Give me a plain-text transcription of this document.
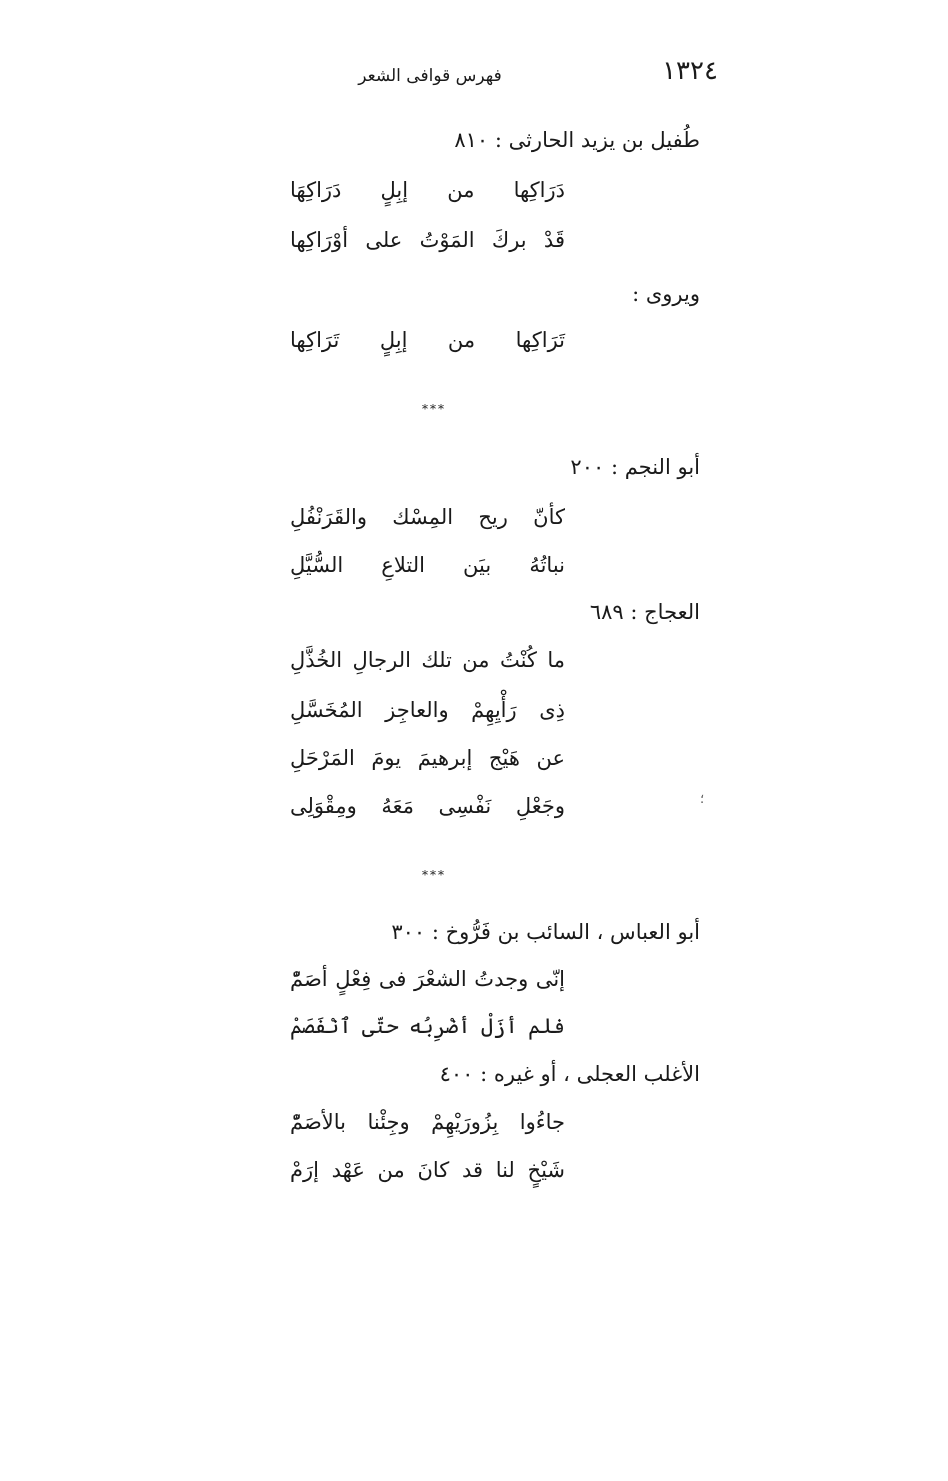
فهرس قوافى الشعر	١٣٢٤
طُفيل بن يزيد الحارثى : ٨١٠
دَرَاكِها من إبِلٍ دَرَاكِهَا
قَدْ بركَ المَوْتُ على أوْرَاكِها
ويروى :
تَرَاكِها من إبِلٍ تَرَاكِها
***
أبو النجم : ٢٠٠
كأنّ ريح المِسْك والقَرَنْفُلِ
نباتُهُ بيَن التلاعِ السُّيَّلِ
العجاج : ٦٨٩
ما كُنْتُ من تلك الرجالِ الخُذَّلِ
ذِى رَأْيِهِمْ والعاجِز المُخَسَّلِ
عن هَيْج إبرهيمَ يومَ المَرْحَلِ
وجَعْلِ نَفْسِى مَعَهُ ومِقْوَلِى	؛
***
أبو العباس ، السائب بن فَرُّوخ : ٣٠٠
إنّى وجدتُ الشعْرَ فى فِعْلٍ أصَمّْ
فلم أزَلْ أضْرِبُه حتّى ٱنْفَصَمْ
الأغلب العجلى ، أو غيره : ٤٠٠
جاءُوا بِزُورَيْهِمْ وجِئْنا بالأصَمّْ
شَيْخٍ لنا قد كانَ من عَهْد إرَمْ
